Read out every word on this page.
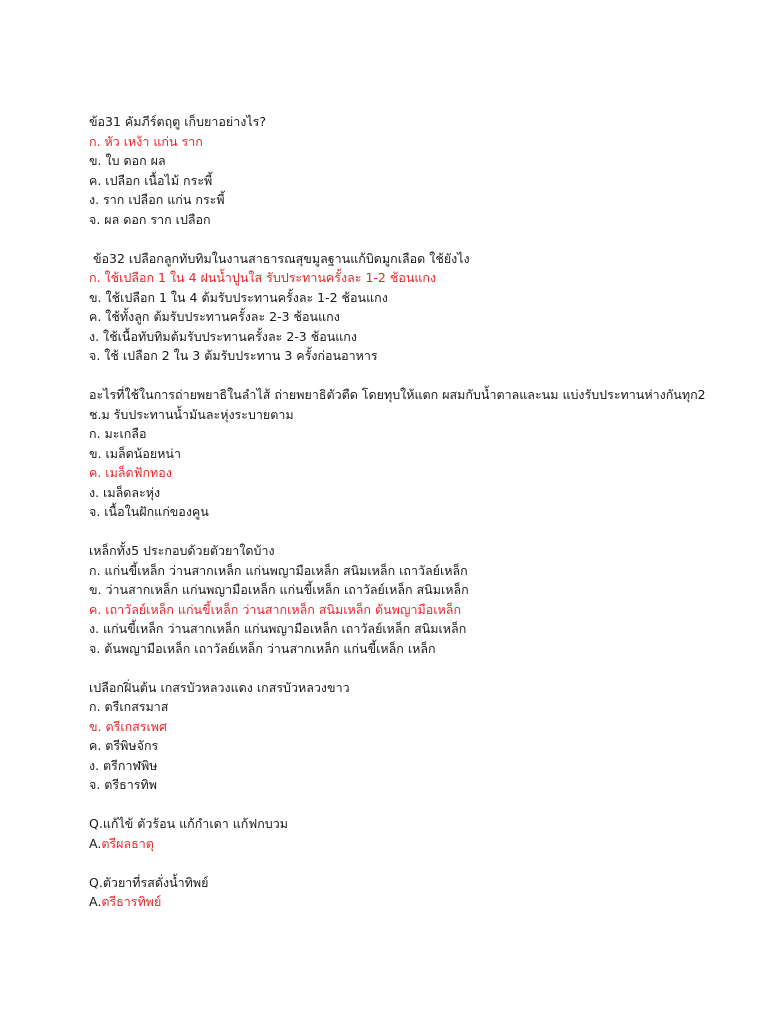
ข้อ31 คัมภีร์ตฤตู เก็บยาอย่างไร?
ก. หัว เหง้า แก่น ราก
ข. ใบ ดอก ผล
ค. เปลือก เนื้อไม้ กระพี้
ง. ราก เปลือก แก่น กระพี้
จ. ผล ดอก ราก เปลือก
ข้อ32 เปลือกลูกทับทิมในงานสาธารณสุขมูลฐานแก้บิดมูกเลือด ใช้ยังไง
ก. ใช้เปลือก 1 ใน 4 ฝนน้ำปูนใส รับประทานครั้งละ 1-2 ช้อนแกง
ข. ใช้เปลือก 1 ใน 4 ต้มรับประทานครั้งละ 1-2 ช้อนแกง
ค. ใช้ทั้งลูก ต้มรับประทานครั้งละ 2-3 ช้อนแกง
ง. ใช้เนื้อทับทิมต้มรับประทานครั้งละ 2-3 ช้อนแกง
จ. ใช้ เปลือก 2 ใน 3 ต้มรับประทาน 3 ครั้งก่อนอาหาร
อะไรที่ใช้ในการถ่ายพยาธิในลำไส้ ถ่ายพยาธิตัวตืด โดยทุบให้แตก ผสมกับน้ำตาลและนม แบ่งรับประทานห่างกันทุก2
ช.ม รับประทานน้ำมันละหุ่งระบายตาม
ก. มะเกลือ
ข. เมล็ดน้อยหน่า
ค. เมล็ดฟักทอง
ง. เมล็ดละหุ่ง
จ. เนื้อในฝักแก่ของคูน
เหล็กทั้ง5 ประกอบด้วยตัวยาใดบ้าง
ก. แก่นขี้เหล็ก ว่านสากเหล็ก แก่นพญามือเหล็ก สนิมเหล็ก เถาวัลย์เหล็ก
ข. ว่านสากเหล็ก แก่นพญามือเหล็ก แก่นขี้เหล็ก เถาวัลย์เหล็ก สนิมเหล็ก
ค. เถาวัลย์เหล็ก แก่นขี้เหล็ก ว่านสากเหล็ก สนิมเหล็ก ต้นพญามือเหล็ก
ง. แก่นขี้เหล็ก ว่านสากเหล็ก แก่นพญามือเหล็ก เถาวัลย์เหล็ก สนิมเหล็ก
จ. ต้นพญามือเหล็ก เถาวัลย์เหล็ก ว่านสากเหล็ก แก่นขี้เหล็ก เหล็ก
เปลือกฝิ่นต้น เกสรบัวหลวงแดง เกสรบัวหลวงขาว
ก. ตรีเกสรมาส
ข. ตรีเกสรเพศ
ค. ตรีพิษจักร
ง. ตรีกาฬพิษ
จ. ตรีธารทิพ
Q.แก้ไข้ ตัวร้อน แก้กำเดา แก้ฟกบวม
A.ตรีผลธาตุ
Q.ตัวยาที่รสดั่งน้ำทิพย์
A.ตรีธารทิพย์
